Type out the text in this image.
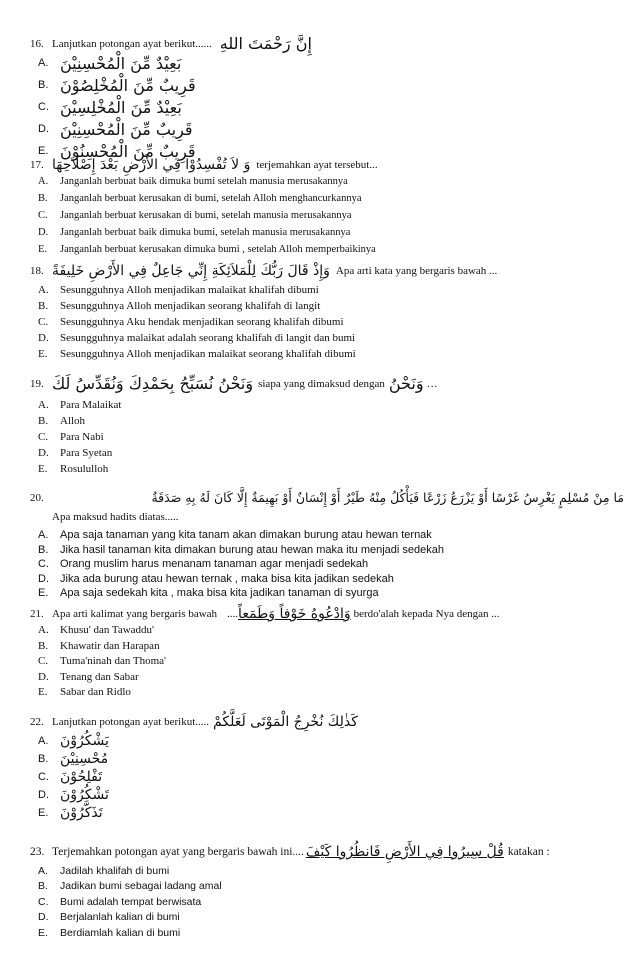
16. Lanjutkan potongan ayat berikut...... إِنَّ رَحْمَتَ اللهِ
A. بَعِيْدٌ مِّنَ الْمُحْسِنِيْنَ
B. قَرِيبٌ مِّنَ الْمُخْلِصُوْنَ
C. بَعِيْدٌ مِّنَ الْمُخْلِسِيْنَ
D. قَرِيبٌ مِّنَ الْمُحْسِنِيْنَ
E. قَرِيبٌ مِّنَ الْمُحْسِنُوْنَ
17. وَ لاَ تُفْسِدُوْا فِي الأَرْضِ بَعْدَ إِصْلاَحِهَا terjemahkan ayat tersebut...
A.	Janganlah berbuat baik dimuka bumi setelah manusia merusakannya
B.	Janganlah berbuat kerusakan di bumi, setelah Alloh menghancurkannya
C.	Janganlah berbuat kerusakan di bumi, setelah manusia merusakannya
D.	Janganlah berbuat baik dimuka bumi, setelah manusia merusakannya
E.	Janganlah berbuat kerusakan dimuka bumi , setelah Alloh memperbaikinya
18. وَإِذْ قَالَ رَبُّكَ لِلْمَلاَئِكَةِ إِنِّي جَاعِلٌ فِي الأَرْضِ خَلِيفَةً Apa arti kata yang bergaris bawah ...
A.	Sesungguhnya Alloh menjadikan malaikat khalifah dibumi
B.	Sesungguhnya Alloh menjadikan seorang khalifah di langit
C.	Sesungguhnya Aku hendak menjadikan seorang khalifah dibumi
D.	Sesungguhnya malaikat adalah seorang khalifah di langit dan bumi
E.	Sesungguhnya Alloh menjadikan malaikat seorang khalifah dibumi
19. وَنَحْنُ نُسَبِّحُ بِحَمْدِكَ وَنُقَدِّسُ لَكَ siapa yang dimaksud dengan وَنَحْنُ …
A.	Para Malaikat
B.	Alloh
C.	Para Nabi
D.	Para Syetan
E.	Rosululloh
20.	مَا مِنْ مُسْلِمٍ يَغْرِسُ غَرْسًا أَوْ يَزْرَعُ زَرْعًا فَيَأْكُلُ مِنْهُ طَيْرٌ أَوْ إِنْسَانٌ أَوْ بَهِيمَةٌ إِلَّا كَانَ لَهُ بِهِ صَدَقَةٌ
Apa maksud hadits diatas.....
A.	Apa saja tanaman yang kita tanam akan dimakan burung atau hewan ternak
B.	Jika hasil tanaman kita dimakan burung atau hewan maka itu menjadi sedekah
C.	Orang muslim harus menanam tanaman agar menjadi sedekah
D.	Jika ada burung atau hewan ternak , maka bisa kita jadikan sedekah
E.	Apa saja sedekah kita , maka bisa kita jadikan tanaman di syurga
21. Apa arti kalimat yang bergaris bawah .... وَادْعُوهُ خَوْفاً وَطَمَعاً berdo'alah kepada Nya dengan ...
A.	Khusu' dan Tawaddu'
B.	Khawatir dan Harapan
C.	Tuma'ninah dan Thoma'
D.	Tenang dan Sabar
E.	Sabar dan Ridlo
22. Lanjutkan potongan ayat berikut..... كَذٰلِكَ نُخْرِجُ الْمَوْتَى لَعَلَّكُمْ
A. يَشْكُرُوْنَ
B. مُحْسِنِيْنَ
C. تَفْلِحُوْنَ
D. تَشْكُرُوْنَ
E. تَذَكَّرُوْنَ
23. Terjemahkan potongan ayat yang bergaris bawah ini.... قُلْ سِيرُوا فِي الأَرْضِ فَانظُرُوا كَيْفَ katakan :
A.	Jadilah khalifah di bumi
B.	Jadikan bumi sebagai ladang amal
C.	Bumi adalah tempat berwisata
D.	Berjalanlah kalian di bumi
E.	Berdiamlah kalian di bumi
